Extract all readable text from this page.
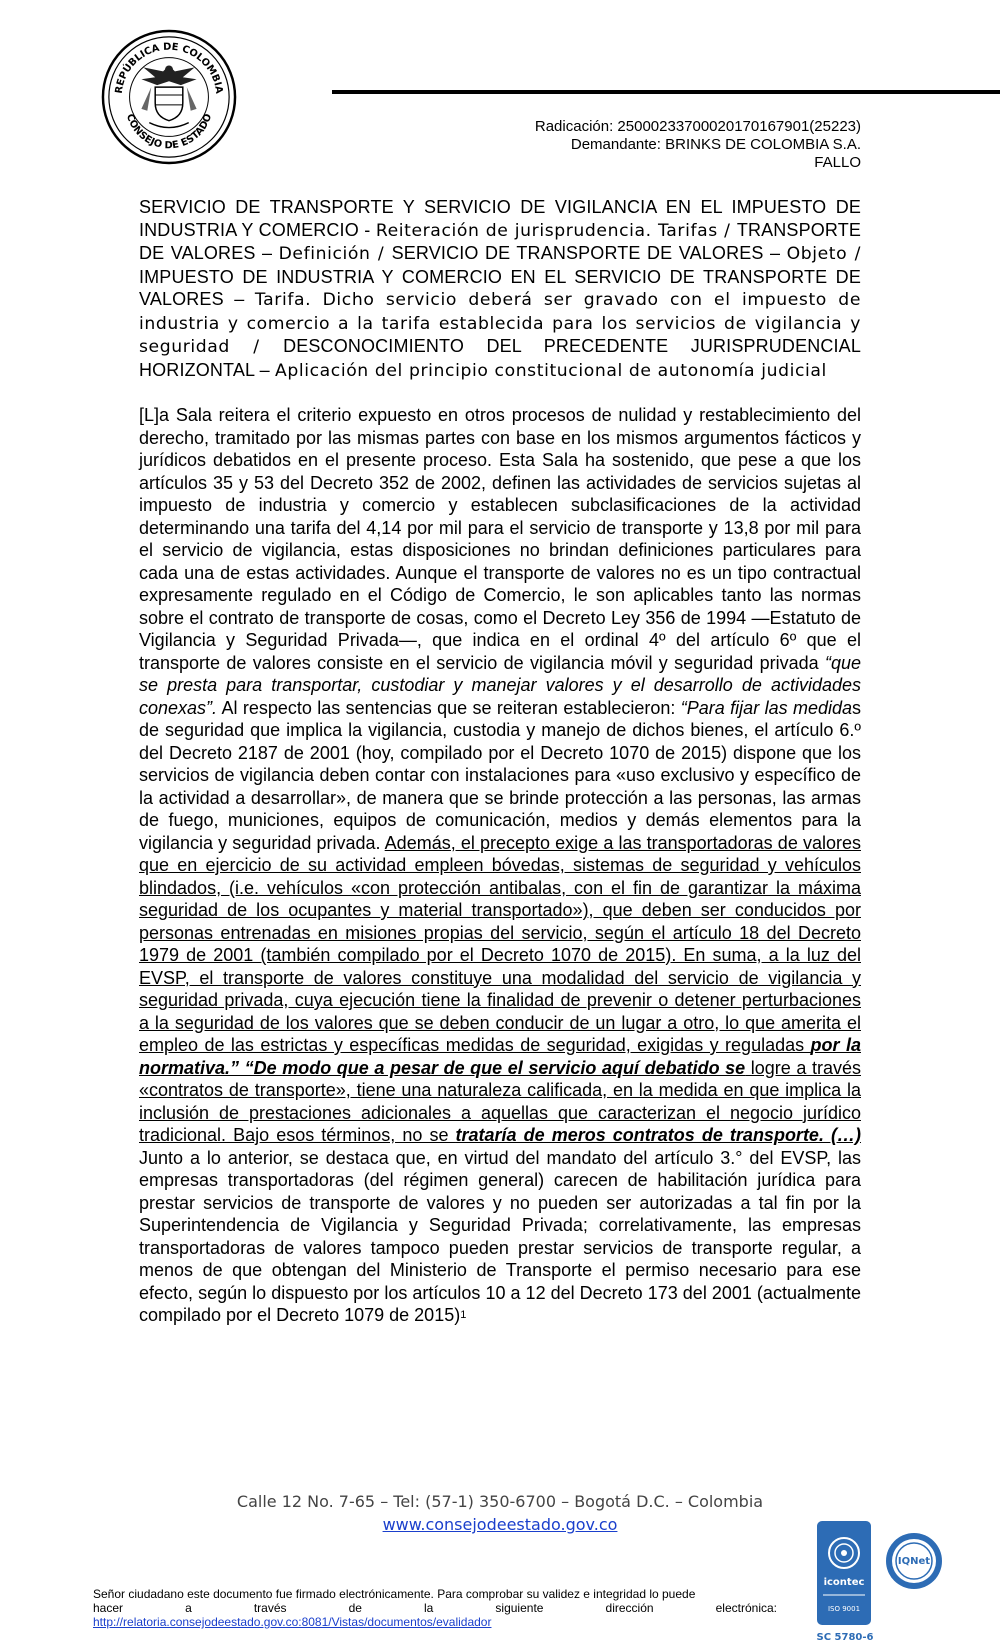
REPÚBLICA DE COLOMBIA
CONSEJO DE ESTADO	Radicación: 25000233700020170167901(25223)
Demandante: BRINKS DE COLOMBIA S.A.
FALLO
SERVICIO DE TRANSPORTE Y SERVICIO DE VIGILANCIA EN EL IMPUESTO DE INDUSTRIA Y COMERCIO - Reiteración de jurisprudencia. Tarifas / TRANSPORTE DE VALORES – Definición / SERVICIO DE TRANSPORTE DE VALORES – Objeto / IMPUESTO DE INDUSTRIA Y COMERCIO EN EL SERVICIO DE TRANSPORTE DE VALORES – Tarifa. Dicho servicio deberá ser gravado con el impuesto de industria y comercio a la tarifa establecida para los servicios de vigilancia y seguridad / DESCONOCIMIENTO DEL PRECEDENTE JURISPRUDENCIAL HORIZONTAL – Aplicación del principio constitucional de autonomía judicial
[L]a Sala reitera el criterio expuesto en otros procesos de nulidad y restablecimiento del derecho, tramitado por las mismas partes con base en los mismos argumentos fácticos y jurídicos debatidos en el presente proceso. Esta Sala ha sostenido, que pese a que los artículos 35 y 53 del Decreto 352 de 2002, definen las actividades de servicios sujetas al impuesto de industria y comercio y establecen subclasificaciones de la actividad determinando una tarifa del 4,14 por mil para el servicio de transporte y 13,8 por mil para el servicio de vigilancia, estas disposiciones no brindan definiciones particulares para cada una de estas actividades. Aunque el transporte de valores no es un tipo contractual expresamente regulado en el Código de Comercio, le son aplicables tanto las normas sobre el contrato de transporte de cosas, como el Decreto Ley 356 de 1994 —Estatuto de Vigilancia y Seguridad Privada—, que indica en el ordinal 4º del artículo 6º que el transporte de valores consiste en el servicio de vigilancia móvil y seguridad privada “que se presta para transportar, custodiar y manejar valores y el desarrollo de actividades conexas”. Al respecto las sentencias que se reiteran establecieron: “Para fijar las medidas de seguridad que implica la vigilancia, custodia y manejo de dichos bienes, el artículo 6.º del Decreto 2187 de 2001 (hoy, compilado por el Decreto 1070 de 2015) dispone que los servicios de vigilancia deben contar con instalaciones para «uso exclusivo y específico de la actividad a desarrollar», de manera que se brinde protección a las personas, las armas de fuego, municiones, equipos de comunicación, medios y demás elementos para la vigilancia y seguridad privada. Además, el precepto exige a las transportadoras de valores que en ejercicio de su actividad empleen bóvedas, sistemas de seguridad y vehículos blindados, (i.e. vehículos «con protección antibalas, con el fin de garantizar la máxima seguridad de los ocupantes y material transportado»), que deben ser conducidos por personas entrenadas en misiones propias del servicio, según el artículo 18 del Decreto 1979 de 2001 (también compilado por el Decreto 1070 de 2015). En suma, a la luz del EVSP, el transporte de valores constituye una modalidad del servicio de vigilancia y seguridad privada, cuya ejecución tiene la finalidad de prevenir o detener perturbaciones a la seguridad de los valores que se deben conducir de un lugar a otro, lo que amerita el empleo de las estrictas y específicas medidas de seguridad, exigidas y reguladas por la normativa.” “De modo que a pesar de que el servicio aquí debatido se logre a través «contratos de transporte», tiene una naturaleza calificada, en la medida en que implica la inclusión de prestaciones adicionales a aquellas que caracterizan el negocio jurídico tradicional. Bajo esos términos, no se trataría de meros contratos de transporte. (…) Junto a lo anterior, se destaca que, en virtud del mandato del artículo 3.° del EVSP, las empresas transportadoras (del régimen general) carecen de habilitación jurídica para prestar servicios de transporte de valores y no pueden ser autorizadas a tal fin por la Superintendencia de Vigilancia y Seguridad Privada; correlativamente, las empresas transportadoras de valores tampoco pueden prestar servicios de transporte regular, a menos de que obtengan del Ministerio de Transporte el permiso necesario para ese efecto, según lo dispuesto por los artículos 10 a 12 del Decreto 173 del 2001 (actualmente compilado por el Decreto 1079 de 2015)$^1$
Calle 12 No. 7-65 – Tel: (57-1) 350-6700 – Bogotá D.C. – Colombia
www.consejodeestado.gov.co
Señor ciudadano este documento fue firmado electrónicamente. Para comprobar su validez e integridad lo puede
hacer	a	través	de	la	siguiente	dirección	electrónica:
http://relatoria.consejodeestado.gov.co:8081/Vistas/documentos/evalidador
icontec
ISO 9001
IQNet
SC 5780-6
